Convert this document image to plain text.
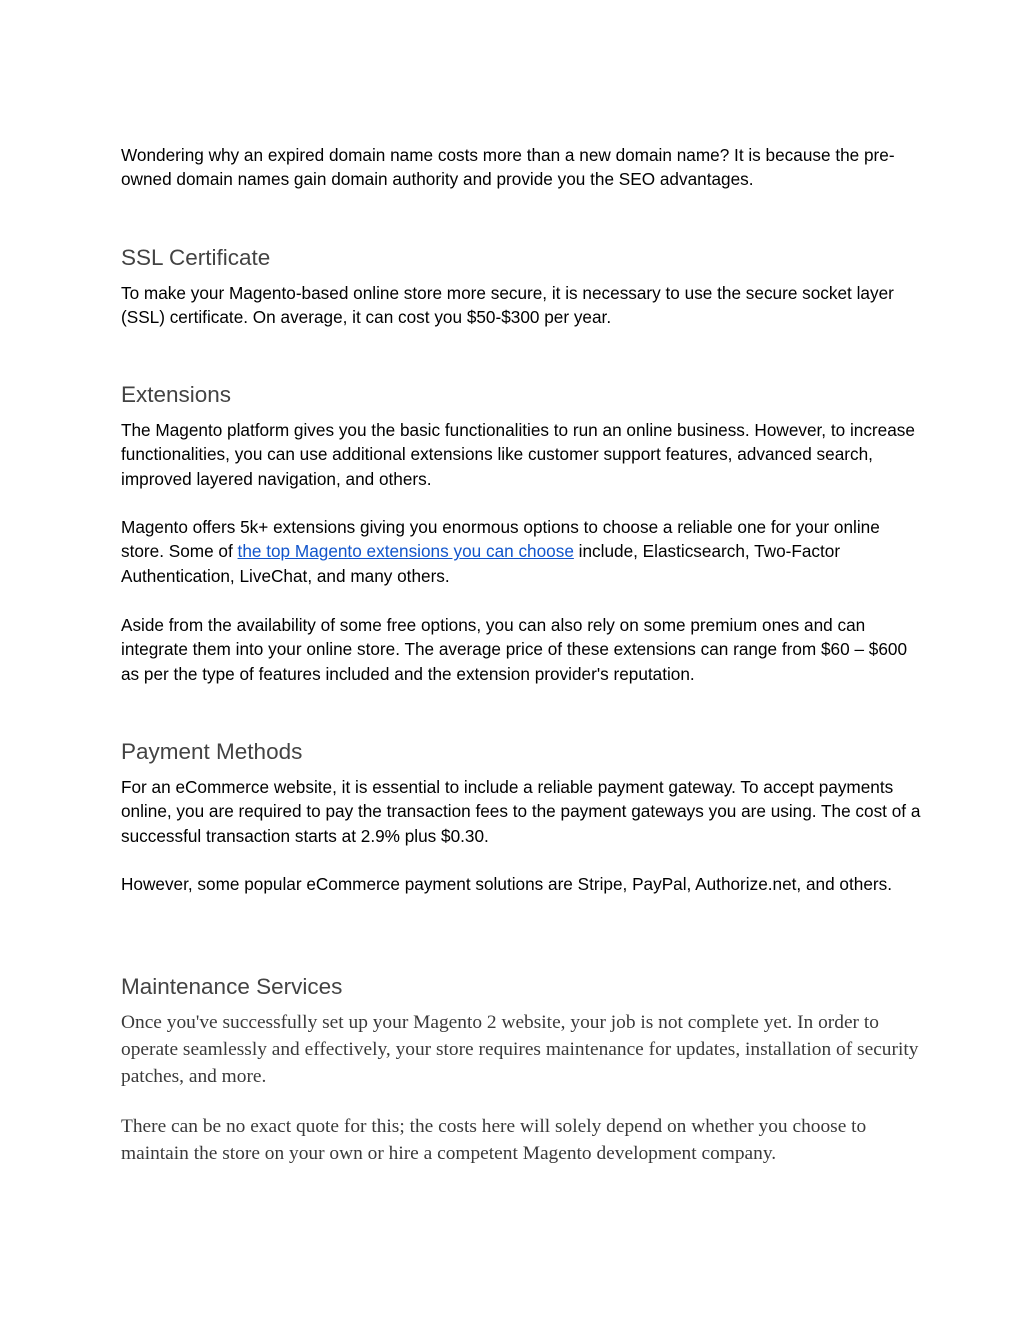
Wondering why an expired domain name costs more than a new domain name? It is because the pre-owned domain names gain domain authority and provide you the SEO advantages.

SSL Certificate

To make your Magento-based online store more secure, it is necessary to use the secure socket layer (SSL) certificate. On average, it can cost you $50-$300 per year.

Extensions

The Magento platform gives you the basic functionalities to run an online business. However, to increase functionalities, you can use additional extensions like customer support features, advanced search, improved layered navigation, and others.

Magento offers 5k+ extensions giving you enormous options to choose a reliable one for your online store. Some of the top Magento extensions you can choose include, Elasticsearch, Two-Factor Authentication, LiveChat, and many others.

Aside from the availability of some free options, you can also rely on some premium ones and can integrate them into your online store. The average price of these extensions can range from $60 – $600 as per the type of features included and the extension provider's reputation.

Payment Methods

For an eCommerce website, it is essential to include a reliable payment gateway. To accept payments online, you are required to pay the transaction fees to the payment gateways you are using. The cost of a successful transaction starts at 2.9% plus $0.30.

However, some popular eCommerce payment solutions are Stripe, PayPal, Authorize.net, and others.

Maintenance Services

Once you've successfully set up your Magento 2 website, your job is not complete yet. In order to operate seamlessly and effectively, your store requires maintenance for updates, installation of security patches, and more.

There can be no exact quote for this; the costs here will solely depend on whether you choose to maintain the store on your own or hire a competent Magento development company.
